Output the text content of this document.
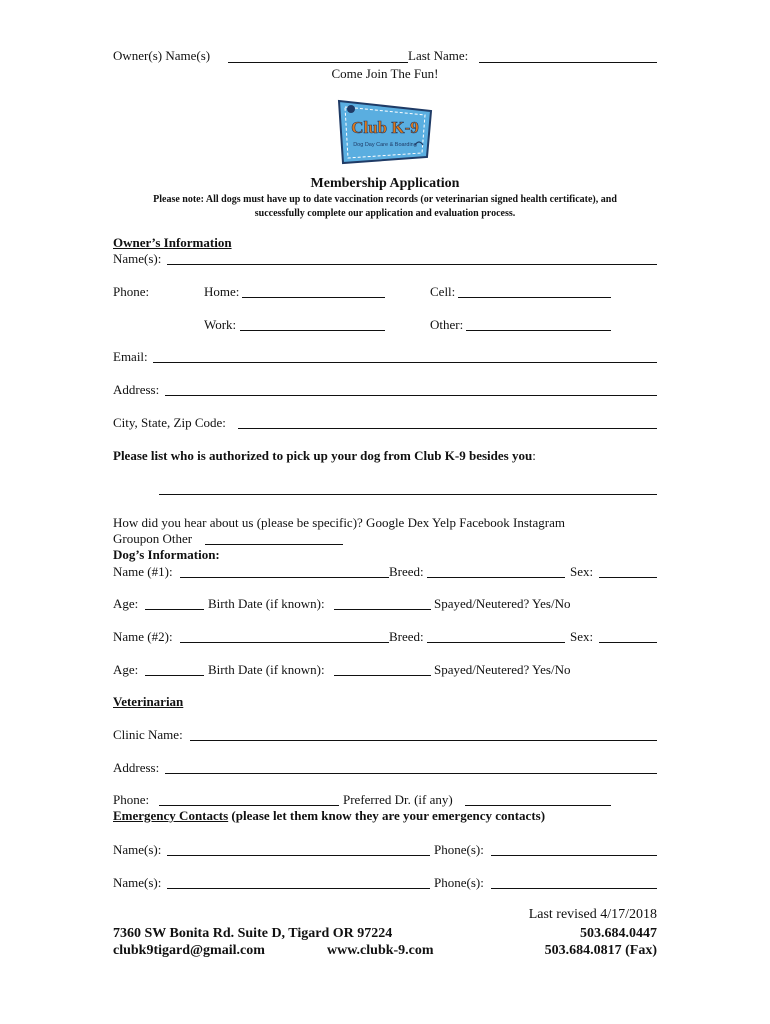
Owner(s) Name(s)	Last Name:
Come Join The Fun!
Club K-9
Dog Day Care & Boarding
Membership Application
Please note: All dogs must have up to date vaccination records (or veterinarian signed health certificate), and
successfully complete our application and evaluation process.
Owner’s Information
Name(s):
Phone:	Home:	Cell:
Work:	Other:
Email:
Address:
City, State, Zip Code:
Please list who is authorized to pick up your dog from Club K-9 besides you:
How did you hear about us (please be specific)? Google Dex Yelp Facebook Instagram
Groupon Other
Dog’s Information:
Name (#1):	Breed:	Sex:
Age:	Birth Date (if known):	Spayed/Neutered? Yes/No
Name (#2):	Breed:	Sex:
Age:	Birth Date (if known):	Spayed/Neutered? Yes/No
Veterinarian
Clinic Name:
Address:
Phone:	Preferred Dr. (if any)
Emergency Contacts (please let them know they are your emergency contacts)
Name(s):	Phone(s):
Name(s):	Phone(s):
Last revised 4/17/2018
7360 SW Bonita Rd. Suite D, Tigard OR 97224	503.684.0447
clubk9tigard@gmail.com	www.clubk-9.com	503.684.0817 (Fax)
